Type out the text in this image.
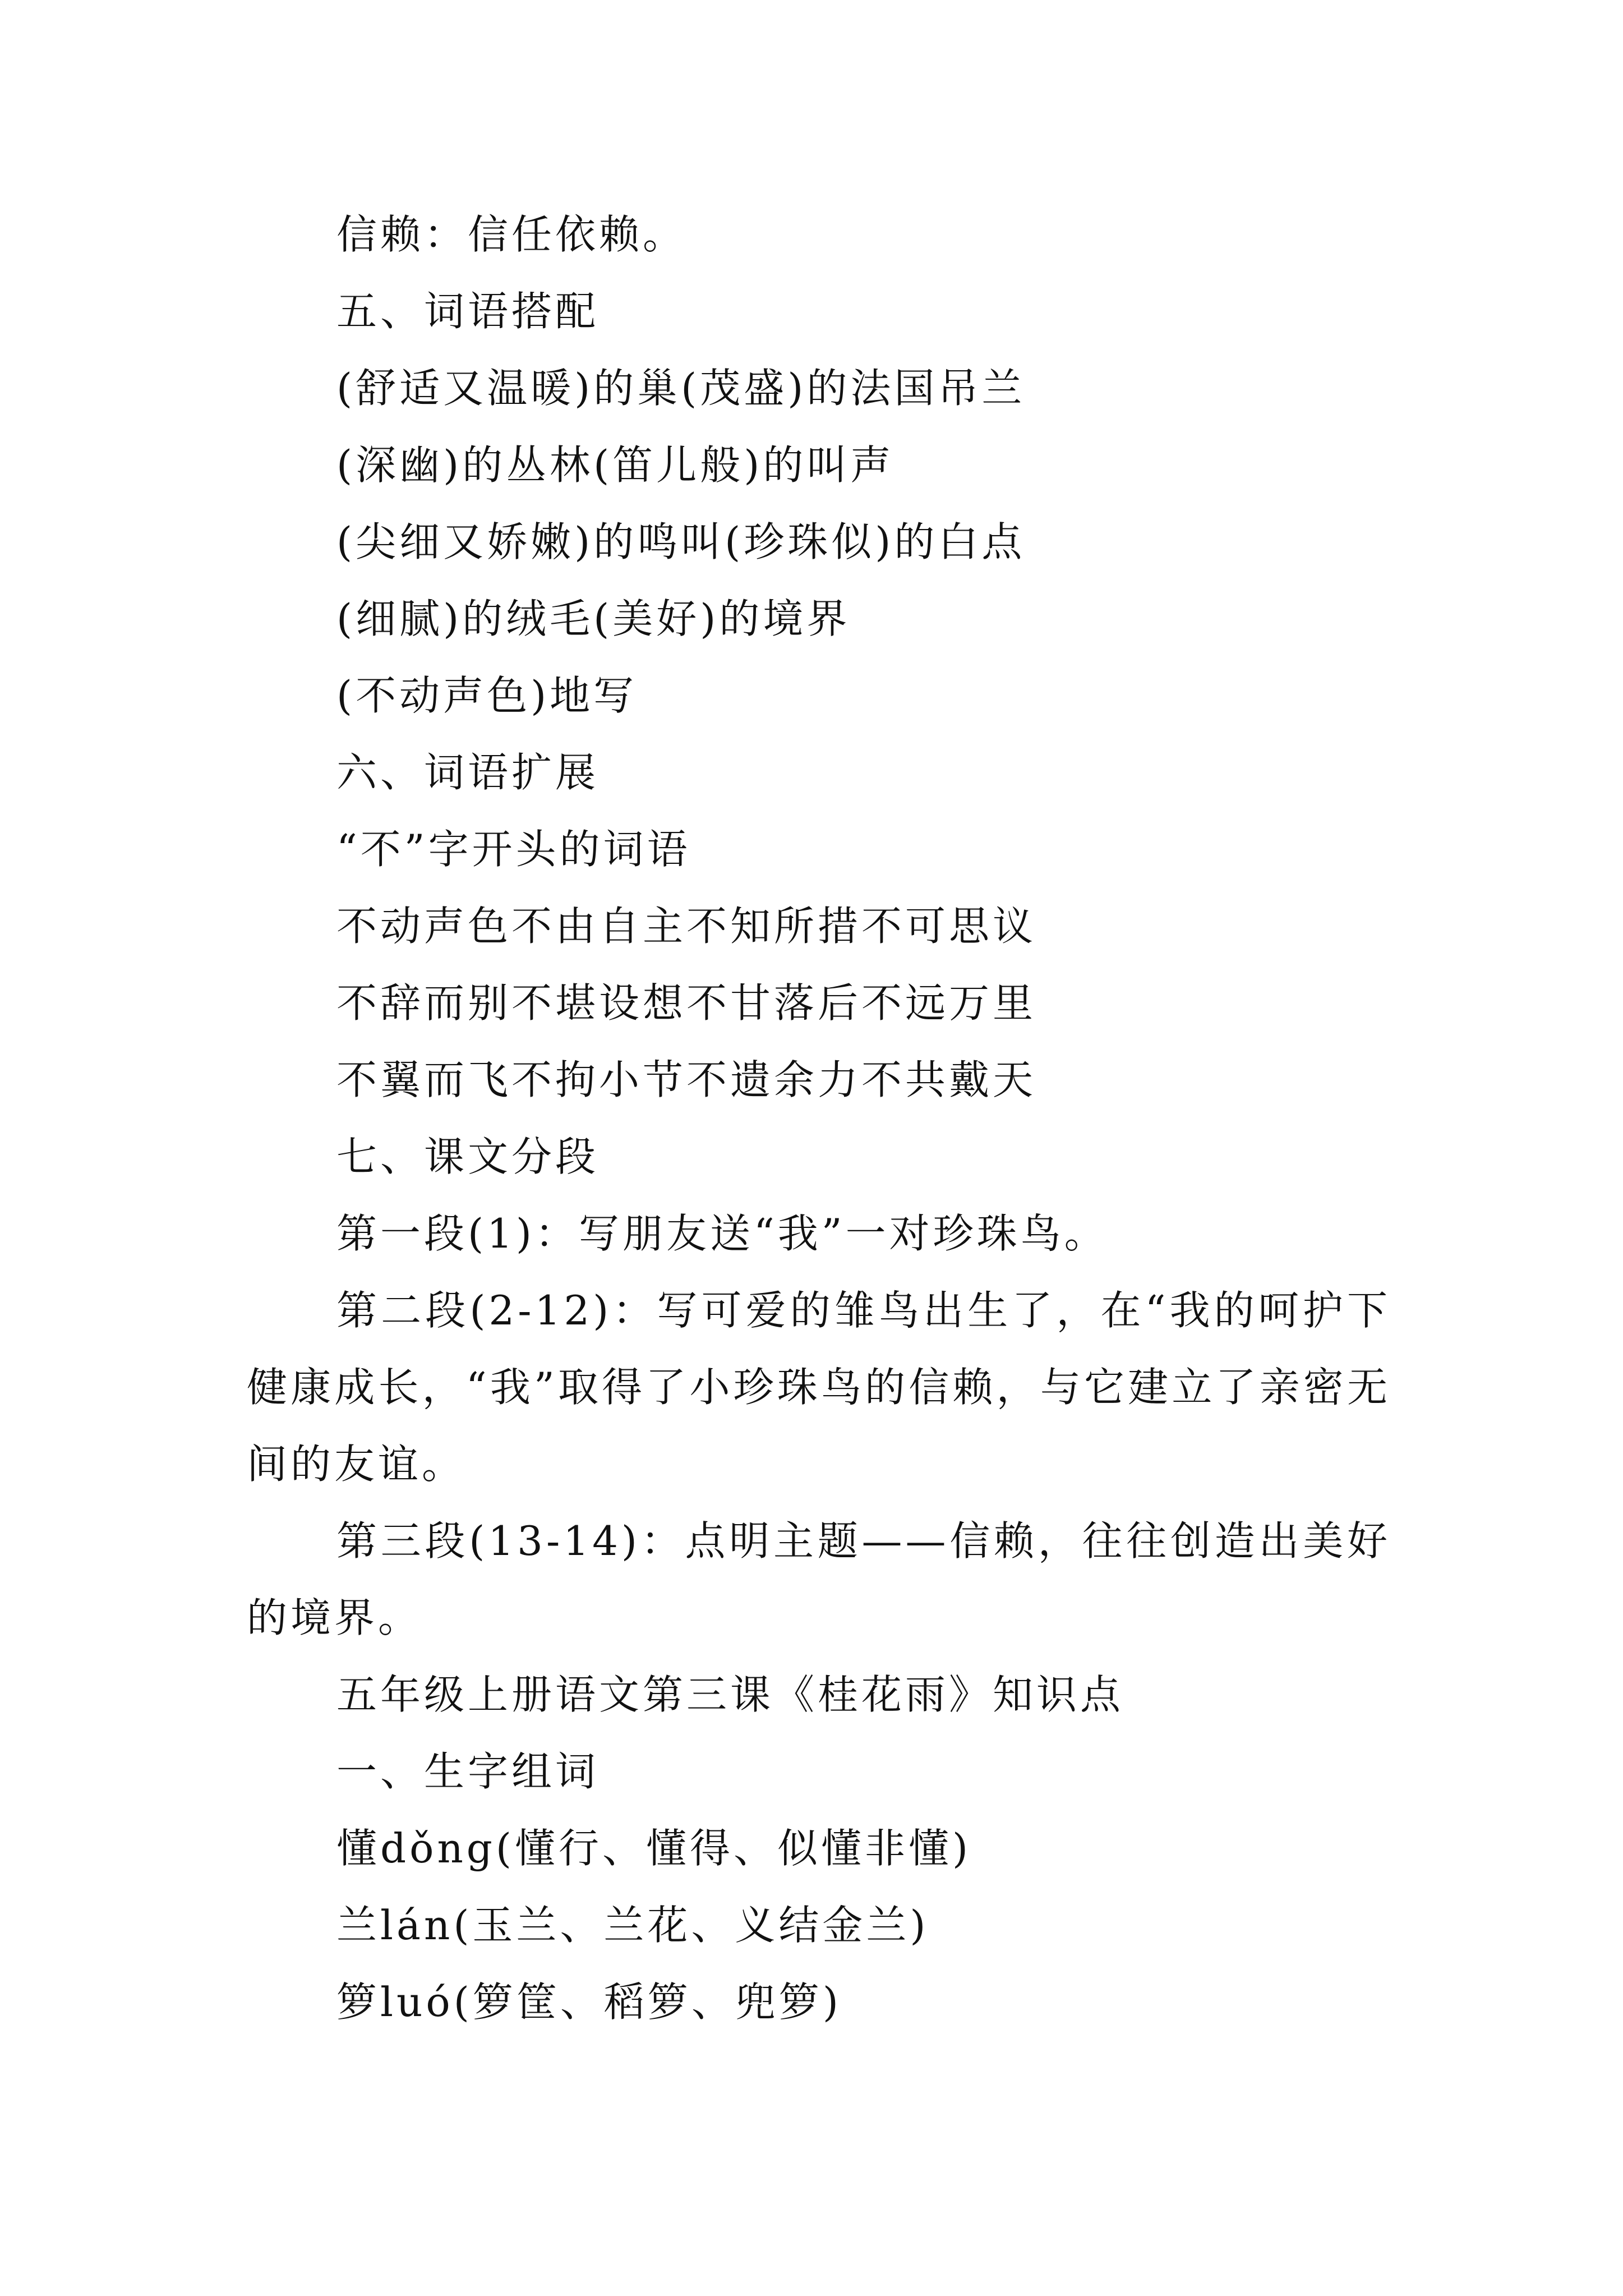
信赖：信任依赖。
五、词语搭配
(舒适又温暖)的巢(茂盛)的法国吊兰
(深幽)的丛林(笛儿般)的叫声
(尖细又娇嫩)的鸣叫(珍珠似)的白点
(细腻)的绒毛(美好)的境界
(不动声色)地写
六、词语扩展
“不”字开头的词语
不动声色不由自主不知所措不可思议
不辞而别不堪设想不甘落后不远万里
不翼而飞不拘小节不遗余力不共戴天
七、课文分段
第一段(1)：写朋友送“我”一对珍珠鸟。
第二段(2-12)：写可爱的雏鸟出生了，在“我的呵护下健康成长，“我”取得了小珍珠鸟的信赖，与它建立了亲密无间的友谊。
第三段(13-14)：点明主题——信赖，往往创造出美好的境界。
五年级上册语文第三课《桂花雨》知识点
一、生字组词
懂dǒng(懂行、懂得、似懂非懂)
兰lán(玉兰、兰花、义结金兰)
箩luó(箩筐、稻箩、兜箩)
